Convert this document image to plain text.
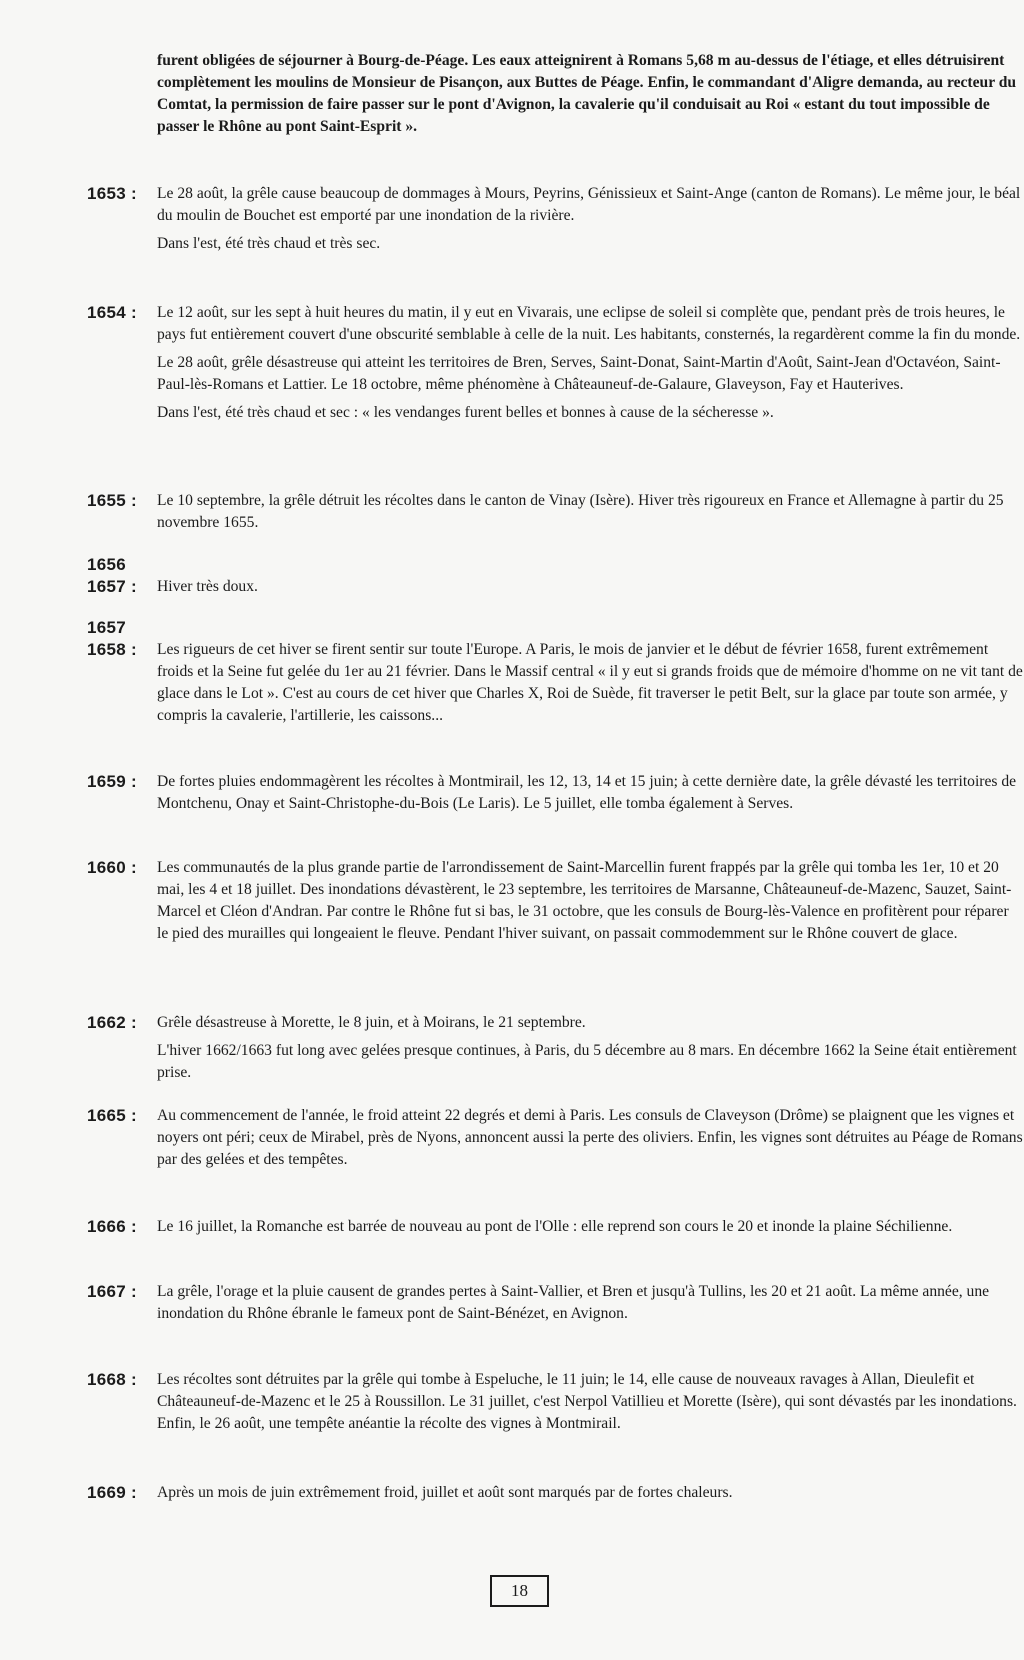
furent obligées de séjourner à Bourg-de-Péage. Les eaux atteignirent à Romans 5,68 m au-dessus de l'étiage, et elles détruisirent complètement les moulins de Monsieur de Pisançon, aux Buttes de Péage. Enfin, le commandant d'Aligre demanda, au recteur du Comtat, la permission de faire passer sur le pont d'Avignon, la cavalerie qu'il conduisait au Roi « estant du tout impossible de passer le Rhône au pont Saint-Esprit ».

1653 :	Le 28 août, la grêle cause beaucoup de dommages à Mours, Peyrins, Génissieux et Saint-Ange (canton de Romans). Le même jour, le béal du moulin de Bouchet est emporté par une inondation de la rivière.

Dans l'est, été très chaud et très sec.

1654 :	Le 12 août, sur les sept à huit heures du matin, il y eut en Vivarais, une eclipse de soleil si complète que, pendant près de trois heures, le pays fut entièrement couvert d'une obscurité semblable à celle de la nuit. Les habitants, consternés, la regardèrent comme la fin du monde.

Le 28 août, grêle désastreuse qui atteint les territoires de Bren, Serves, Saint-Donat, Saint-Martin d'Août, Saint-Jean d'Octavéon, Saint-Paul-lès-Romans et Lattier. Le 18 octobre, même phénomène à Châteauneuf-de-Galaure, Glaveyson, Fay et Hauterives.

Dans l'est, été très chaud et sec : « les vendanges furent belles et bonnes à cause de la sécheresse ».

1655 :	Le 10 septembre, la grêle détruit les récoltes dans le canton de Vinay (Isère). Hiver très rigoureux en France et Allemagne à partir du 25 novembre 1655.

1656
1657 :	Hiver très doux.

1657
1658 :	Les rigueurs de cet hiver se firent sentir sur toute l'Europe. A Paris, le mois de janvier et le début de février 1658, furent extrêmement froids et la Seine fut gelée du 1er au 21 février. Dans le Massif central « il y eut si grands froids que de mémoire d'homme on ne vit tant de glace dans le Lot ». C'est au cours de cet hiver que Charles X, Roi de Suède, fit traverser le petit Belt, sur la glace par toute son armée, y compris la cavalerie, l'artillerie, les caissons...

1659 :	De fortes pluies endommagèrent les récoltes à Montmirail, les 12, 13, 14 et 15 juin; à cette dernière date, la grêle dévasté les territoires de Montchenu, Onay et Saint-Christophe-du-Bois (Le Laris). Le 5 juillet, elle tomba également à Serves.

1660 :	Les communautés de la plus grande partie de l'arrondissement de Saint-Marcellin furent frappés par la grêle qui tomba les 1er, 10 et 20 mai, les 4 et 18 juillet. Des inondations dévastèrent, le 23 septembre, les territoires de Marsanne, Châteauneuf-de-Mazenc, Sauzet, Saint-Marcel et Cléon d'Andran. Par contre le Rhône fut si bas, le 31 octobre, que les consuls de Bourg-lès-Valence en profitèrent pour réparer le pied des murailles qui longeaient le fleuve. Pendant l'hiver suivant, on passait commodemment sur le Rhône couvert de glace.

1662 :	Grêle désastreuse à Morette, le 8 juin, et à Moirans, le 21 septembre.

L'hiver 1662/1663 fut long avec gelées presque continues, à Paris, du 5 décembre au 8 mars. En décembre 1662 la Seine était entièrement prise.

1665 :	Au commencement de l'année, le froid atteint 22 degrés et demi à Paris. Les consuls de Claveyson (Drôme) se plaignent que les vignes et noyers ont péri; ceux de Mirabel, près de Nyons, annoncent aussi la perte des oliviers. Enfin, les vignes sont détruites au Péage de Romans par des gelées et des tempêtes.

1666 :	Le 16 juillet, la Romanche est barrée de nouveau au pont de l'Olle : elle reprend son cours le 20 et inonde la plaine Séchilienne.

1667 :	La grêle, l'orage et la pluie causent de grandes pertes à Saint-Vallier, et Bren et jusqu'à Tullins, les 20 et 21 août. La même année, une inondation du Rhône ébranle le fameux pont de Saint-Bénézet, en Avignon.

1668 :	Les récoltes sont détruites par la grêle qui tombe à Espeluche, le 11 juin; le 14, elle cause de nouveaux ravages à Allan, Dieulefit et Châteauneuf-de-Mazenc et le 25 à Roussillon. Le 31 juillet, c'est Nerpol Vatillieu et Morette (Isère), qui sont dévastés par les inondations. Enfin, le 26 août, une tempête anéantie la récolte des vignes à Montmirail.

1669 :	Après un mois de juin extrêmement froid, juillet et août sont marqués par de fortes chaleurs.

18
